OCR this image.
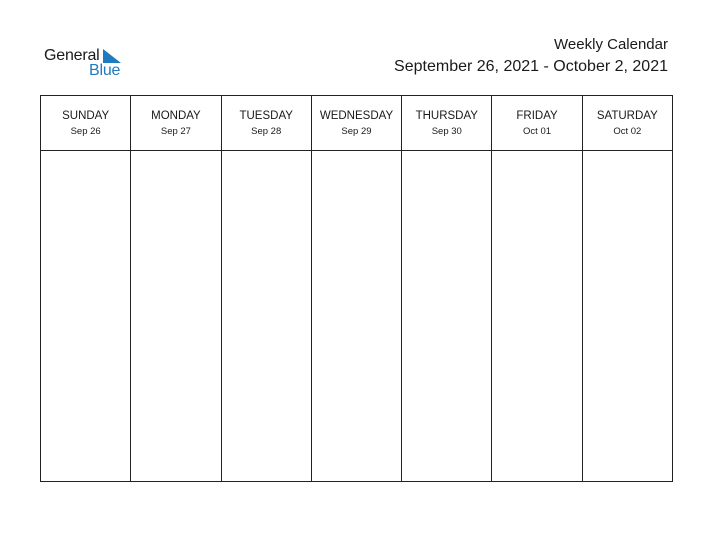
General
Blue
Weekly Calendar
September 26, 2021 - October 2, 2021
SUNDAY
Sep 26
MONDAY
Sep 27
TUESDAY
Sep 28
WEDNESDAY
Sep 29
THURSDAY
Sep 30
FRIDAY
Oct 01
SATURDAY
Oct 02
